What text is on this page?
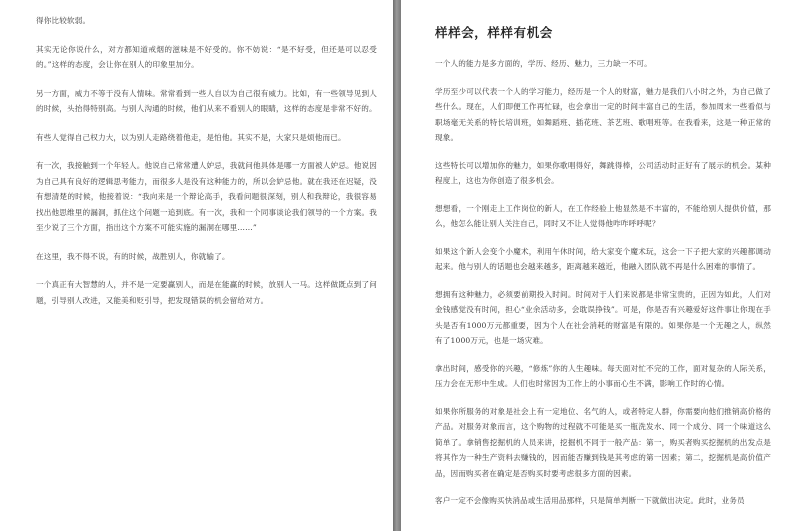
得你比较软弱。

其实无论你说什么，对方都知道戒烟的滋味是不好受的。你不妨说：“是不好受，但还是可以忍受的。”这样的态度，会让你在别人的印象里加分。

另一方面，威力不等于没有人情味。常常看到一些人自以为自己很有威力。比如，有一些领导见到人的时候，头抬得特别高。与别人沟通的时候，他们从来不看别人的眼睛，这样的态度是非常不好的。

有些人觉得自己权力大，以为别人走路绕着他走，是怕他。其实不是，大家只是烦他而已。

有一次，我接触到一个年轻人。他说自己常常遭人妒忌，我就问他具体是哪一方面被人妒忌。他说因为自己具有良好的逻辑思考能力，而很多人是没有这种能力的，所以会妒忌他。就在我还在迟疑，没有想清楚的时候，他接着说：“我向来是一个辩论高手，我看问题很深刻，别人和我辩论，我很容易找出他思维里的漏洞，抓住这个问题一追到底。有一次，我和一个同事谈论我们领导的一个方案。我至少说了三个方面，指出这个方案不可能实施的漏洞在哪里……”

在这里，我不得不说，有的时候，战胜别人，你就输了。

一个真正有大智慧的人，并不是一定要赢别人，而是在能赢的时候，放别人一马。这样做既点到了问题，引导别人改进，又能美和贬引导，把发现错误的机会留给对方。

样样会，样样有机会

一个人的能力是多方面的，学历、经历、魅力，三力缺一不可。

学历至少可以代表一个人的学习能力，经历是一个人的财富，魅力是我们八小时之外，为自己做了些什么。现在，人们即便工作再忙碌，也会拿出一定的时间丰富自己的生活，参加周末一些看似与职场毫无关系的特长培训班，如舞蹈班、插花班、茶艺班、歌唱班等。在我看来，这是一种正常的现象。

这些特长可以增加你的魅力，如果你歌唱得好，舞跳得棒，公司活动时正好有了展示的机会。某种程度上，这也为你创造了很多机会。

想想看，一个刚走上工作岗位的新人，在工作经验上他显然是不丰富的，不能给别人提供价值，那么，他怎么能让别人关注自己，同时又不让人觉得他咋咋呼呼呢？

如果这个新人会变个小魔术，利用午休时间，给大家变个魔术玩，这会一下子把大家的兴趣都调动起来。他与别人的话题也会越来越多，距离越来越近，他融入团队就不再是什么困难的事情了。

想拥有这种魅力，必须要前期投入时间。时间对于人们来说都是非常宝贵的，正因为如此，人们对金钱感觉没有时间，担心“业余活动多，会耽误挣钱”。可是，你是否有兴趣爱好这件事让你现在手头是否有1000万元都重要，因为个人在社会消耗的财富是有限的。如果你是一个无趣之人，纵然有了1000万元，也是一场灾难。

拿出时间，感受你的兴趣，“修炼”你的人生趣味。每天面对忙不完的工作，面对复杂的人际关系，压力会在无形中生成。人们也时常因为工作上的小事而心生不满，影响工作时的心情。

如果你所服务的对象是社会上有一定地位、名气的人，或者特定人群，你需要向他们推销高价格的产品。对服务对象而言，这个购物的过程就不可能是买一瓶洗发水、同一个成分、同一个味道这么简单了。拿销售挖掘机的人员来讲，挖掘机不同于一般产品：第一，购买者购买挖掘机的出发点是将其作为一种生产资料去赚钱的，因而能否赚到钱是其考虑的第一因素；第二，挖掘机是高价值产品，因而购买者在确定是否购买时要考虑很多方面的因素。

客户一定不会像购买快消品或生活用品那样，只是简单判断一下就做出决定。此时，业务员
